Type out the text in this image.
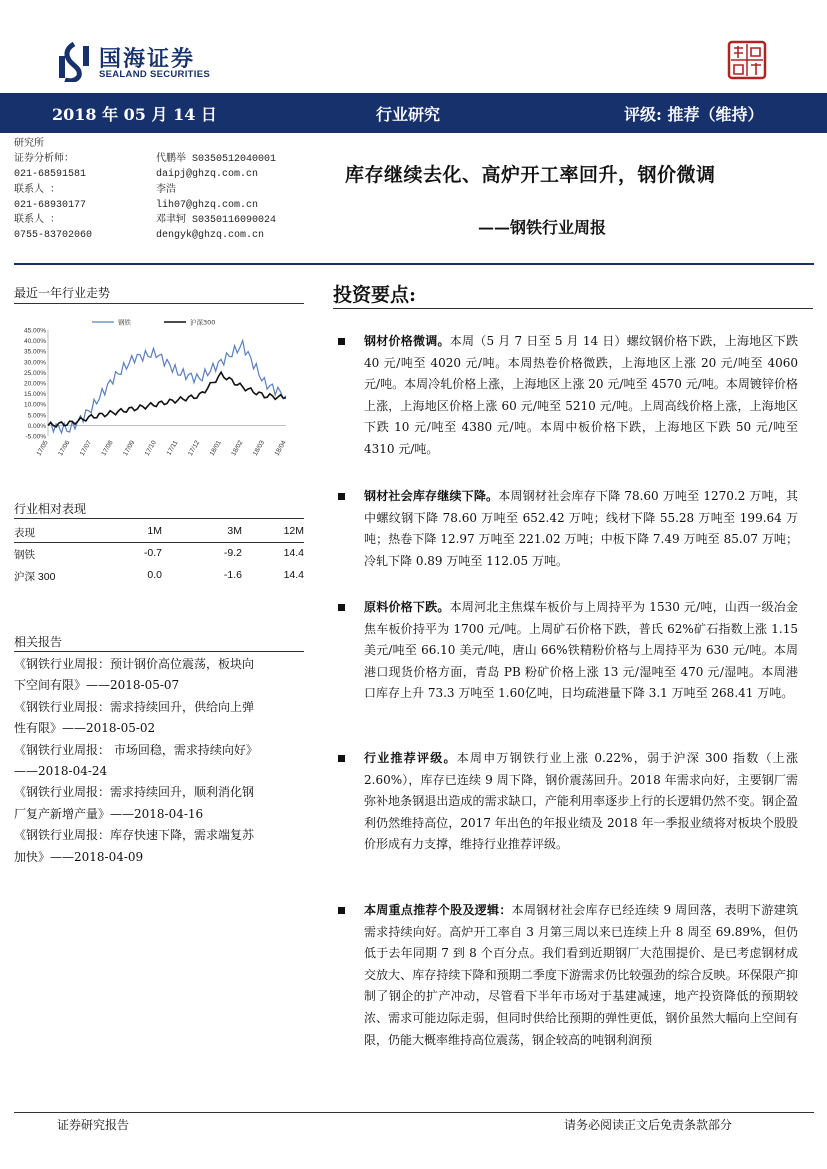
国海证券
SEALAND SECURITIES
2018 年 05 月 14 日	行业研究	评级: 推荐（维持）
研究所
证券分析师：	代鹏举 S0350512040001
021-68591581	daipj@ghzq.com.cn
联系人 ：	李浩
021-68930177	lih07@ghzq.com.cn
联系人 ：	邓聿轲 S0350116090024
0755-83702060	dengyk@ghzq.com.cn
库存继续去化、高炉开工率回升，钢价微调
——钢铁行业周报
最近一年行业走势
45.00%
40.00%
35.00%
30.00%
25.00%
20.00%
15.00%
10.00%
5.00%
0.00%
-5.00%
17/05 17/06 17/07 17/08 17/09 17/10 17/11 17/12 18/01 18/02 18/03 18/04
钢铁	沪深300
行业相对表现
表现	1M	3M	12M
钢铁	-0.7	-9.2	14.4
沪深 300	0.0	-1.6	14.4
相关报告
《钢铁行业周报：预计钢价高位震荡，板块向
下空间有限》——2018-05-07
《钢铁行业周报：需求持续回升，供给向上弹
性有限》——2018-05-02
《钢铁行业周报： 市场回稳，需求持续向好》
——2018-04-24
《钢铁行业周报：需求持续回升，顺利消化钢
厂复产新增产量》——2018-04-16
《钢铁行业周报：库存快速下降，需求端复苏
加快》——2018-04-09
投资要点:
钢材价格微调。本周（5 月 7 日至 5 月 14 日）螺纹钢价格下跌，上海地区下跌 40 元/吨至 4020 元/吨。本周热卷价格微跌，上海地区上涨 20 元/吨至 4060 元/吨。本周冷轧价格上涨，上海地区上涨 20 元/吨至 4570 元/吨。本周镀锌价格上涨，上海地区价格上涨 60 元/吨至 5210 元/吨。上周高线价格上涨，上海地区下跌 10 元/吨至 4380 元/吨。本周中板价格下跌，上海地区下跌 50 元/吨至 4310 元/吨。
钢材社会库存继续下降。本周钢材社会库存下降 78.60 万吨至 1270.2 万吨，其中螺纹钢下降 78.60 万吨至 652.42 万吨；线材下降 55.28 万吨至 199.64 万吨；热卷下降 12.97 万吨至 221.02 万吨；中板下降 7.49 万吨至 85.07 万吨；冷轧下降 0.89 万吨至 112.05 万吨。
原料价格下跌。本周河北主焦煤车板价与上周持平为 1530 元/吨，山西一级冶金焦车板价持平为 1700 元/吨。上周矿石价格下跌，普氏 62%矿石指数上涨 1.15 美元/吨至 66.10 美元/吨，唐山 66%铁精粉价格与上周持平为 630 元/吨。本周港口现货价格方面，青岛 PB 粉矿价格上涨 13 元/湿吨至 470 元/湿吨。本周港口库存上升 73.3 万吨至 1.60亿吨，日均疏港量下降 3.1 万吨至 268.41 万吨。
行业推荐评级。本周申万钢铁行业上涨 0.22%，弱于沪深 300 指数（上涨 2.60%），库存已连续 9 周下降，钢价震荡回升。2018 年需求向好，主要钢厂需弥补地条钢退出造成的需求缺口，产能利用率逐步上行的长逻辑仍然不变。钢企盈利仍然维持高位，2017 年出色的年报业绩及 2018 年一季报业绩将对板块个股股价形成有力支撑，维持行业推荐评级。
本周重点推荐个股及逻辑：本周钢材社会库存已经连续 9 周回落，表明下游建筑需求持续向好。高炉开工率自 3 月第三周以来已连续上升 8 周至 69.89%，但仍低于去年同期 7 到 8 个百分点。我们看到近期钢厂大范围提价、是已考虑钢材成交放大、库存持续下降和预期二季度下游需求仍比较强劲的综合反映。环保限产抑制了钢企的扩产冲动，尽管看下半年市场对于基建减速，地产投资降低的预期较浓、需求可能边际走弱，但同时供给比预期的弹性更低，钢价虽然大幅向上空间有限，仍能大概率维持高位震荡，钢企较高的吨钢利润预
证券研究报告	请务必阅读正文后免责条款部分
